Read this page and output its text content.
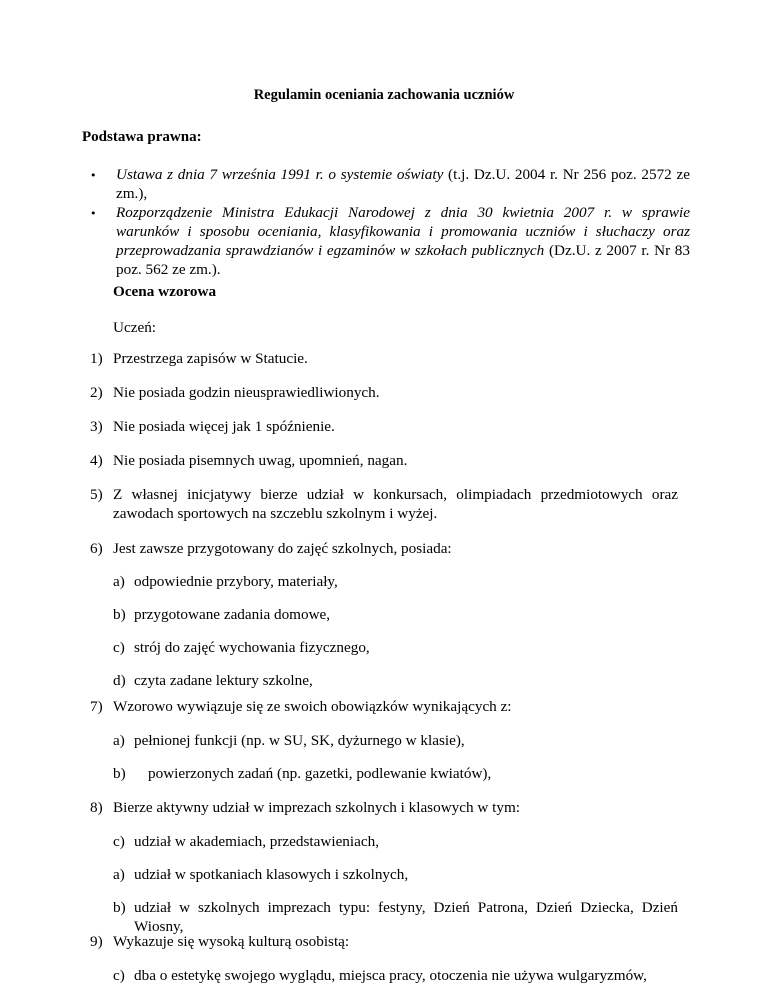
Regulamin oceniania zachowania uczniów
Podstawa prawna:
•
Ustawa z dnia 7 września 1991 r. o systemie oświaty (t.j. Dz.U. 2004 r. Nr 256 poz. 2572 ze zm.),
•
Rozporządzenie Ministra Edukacji Narodowej z dnia 30 kwietnia 2007 r. w sprawie warunków i sposobu oceniania, klasyfikowania i promowania uczniów i słuchaczy oraz przeprowadzania sprawdzianów i egzaminów w szkołach publicznych (Dz.U. z 2007 r. Nr 83 poz. 562 ze zm.).
Ocena wzorowa
Uczeń:
1) Przestrzega zapisów w Statucie.
2) Nie posiada godzin nieusprawiedliwionych.
3) Nie posiada więcej jak 1 spóźnienie.
4) Nie posiada pisemnych uwag, upomnień, nagan.
5) Z własnej inicjatywy bierze udział w konkursach, olimpiadach przedmiotowych oraz zawodach sportowych na szczeblu szkolnym i wyżej.
6) Jest zawsze przygotowany do zajęć szkolnych, posiada:
a) odpowiednie przybory, materiały,
b) przygotowane zadania domowe,
c) strój do zajęć wychowania fizycznego,
d) czyta zadane lektury szkolne,
7) Wzorowo wywiązuje się ze swoich obowiązków wynikających z:
a) pełnionej funkcji (np. w SU, SK, dyżurnego w klasie),
b)	powierzonych zadań (np. gazetki, podlewanie kwiatów),
8) Bierze aktywny udział w imprezach szkolnych i klasowych w tym:
c) udział w akademiach, przedstawieniach,
a) udział w spotkaniach klasowych i szkolnych,
b) udział w szkolnych imprezach typu: festyny, Dzień Patrona, Dzień Dziecka, Dzień Wiosny,
9) Wykazuje się wysoką kulturą osobistą:
c) dba o estetykę swojego wyglądu, miejsca pracy, otoczenia nie używa wulgaryzmów,
